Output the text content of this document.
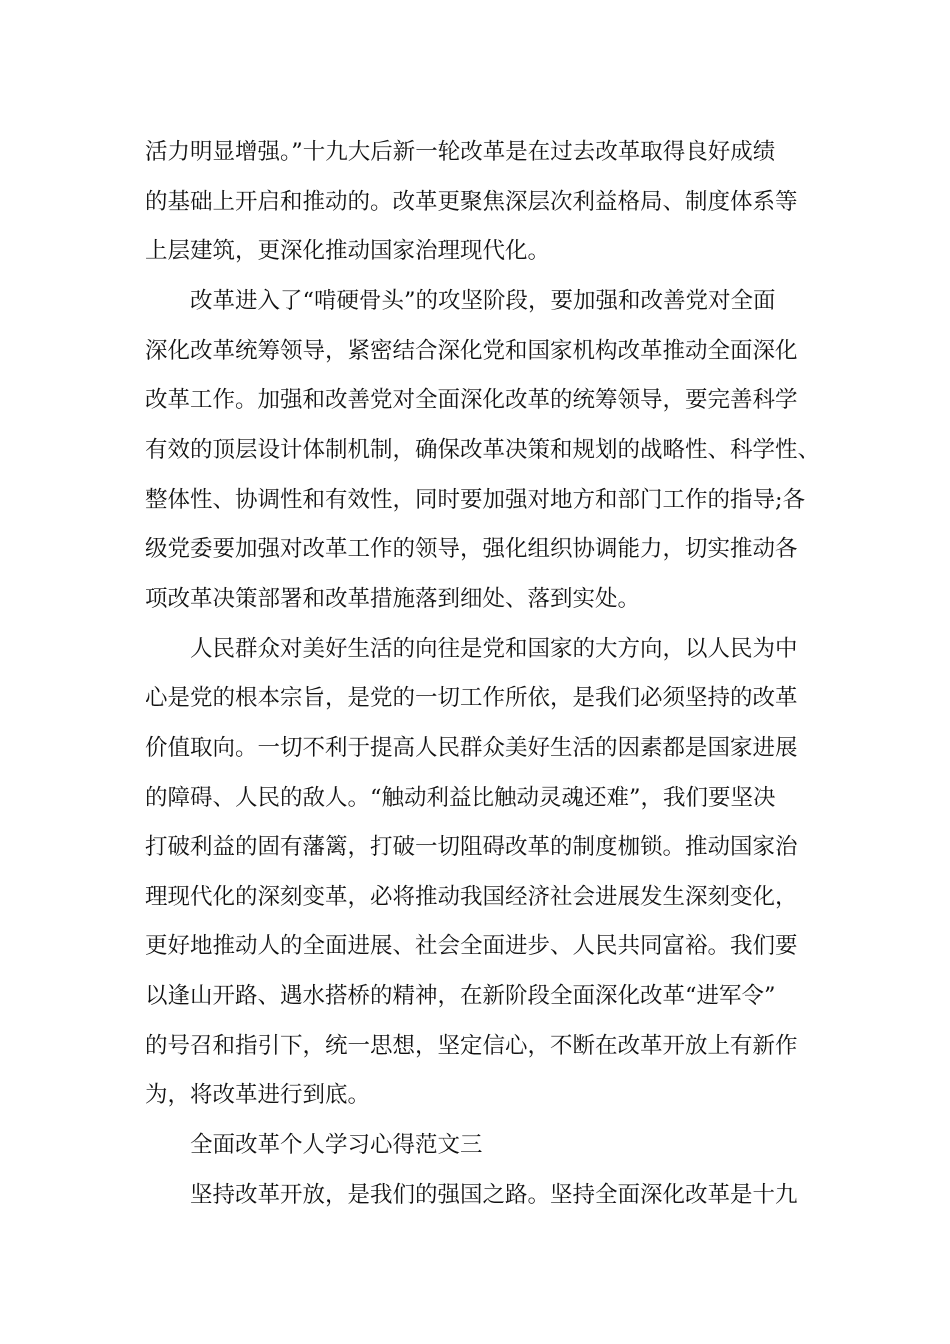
活力明显增强。”十九大后新一轮改革是在过去改革取得良好成绩
的基础上开启和推动的。改革更聚焦深层次利益格局、制度体系等
上层建筑，更深化推动国家治理现代化。
改革进入了“啃硬骨头”的攻坚阶段，要加强和改善党对全面
深化改革统筹领导，紧密结合深化党和国家机构改革推动全面深化
改革工作。加强和改善党对全面深化改革的统筹领导，要完善科学
有效的顶层设计体制机制，确保改革决策和规划的战略性、科学性、
整体性、协调性和有效性，同时要加强对地方和部门工作的指导;各
级党委要加强对改革工作的领导，强化组织协调能力，切实推动各
项改革决策部署和改革措施落到细处、落到实处。
人民群众对美好生活的向往是党和国家的大方向，以人民为中
心是党的根本宗旨，是党的一切工作所依，是我们必须坚持的改革
价值取向。一切不利于提高人民群众美好生活的因素都是国家进展
的障碍、人民的敌人。“触动利益比触动灵魂还难”，我们要坚决
打破利益的固有藩篱，打破一切阻碍改革的制度枷锁。推动国家治
理现代化的深刻变革，必将推动我国经济社会进展发生深刻变化，
更好地推动人的全面进展、社会全面进步、人民共同富裕。我们要
以逢山开路、遇水搭桥的精神，在新阶段全面深化改革“进军令”
的号召和指引下，统一思想，坚定信心，不断在改革开放上有新作
为，将改革进行到底。
全面改革个人学习心得范文三
坚持改革开放，是我们的强国之路。坚持全面深化改革是十九
